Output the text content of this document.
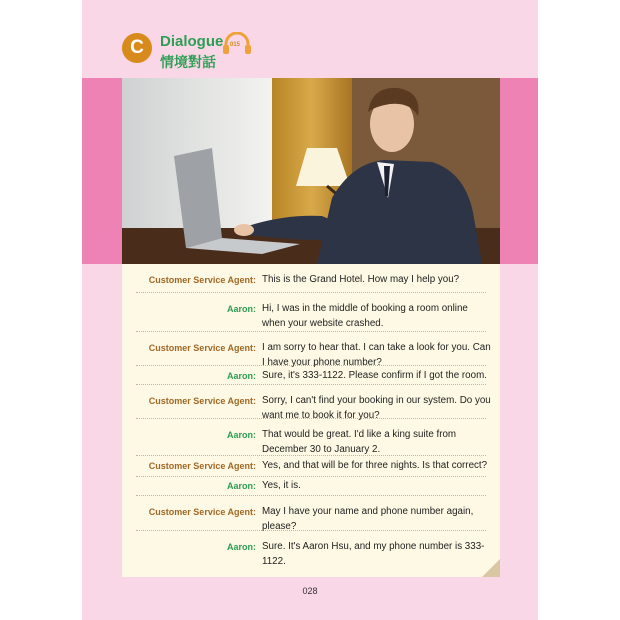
C	Dialogue
情境對話
015
Customer Service Agent: This is the Grand Hotel. How may I help you?
Aaron: Hi, I was in the middle of booking a room online when your website crashed.
Customer Service Agent: I am sorry to hear that. I can take a look for you. Can I have your phone number?
Aaron: Sure, it's 333-1122. Please confirm if I got the room.
Customer Service Agent: Sorry, I can't find your booking in our system. Do you want me to book it for you?
Aaron: That would be great. I'd like a king suite from December 30 to January 2.
Customer Service Agent: Yes, and that will be for three nights. Is that correct?
Aaron: Yes, it is.
Customer Service Agent: May I have your name and phone number again, please?
Aaron: Sure. It's Aaron Hsu, and my phone number is 333-1122.
028
